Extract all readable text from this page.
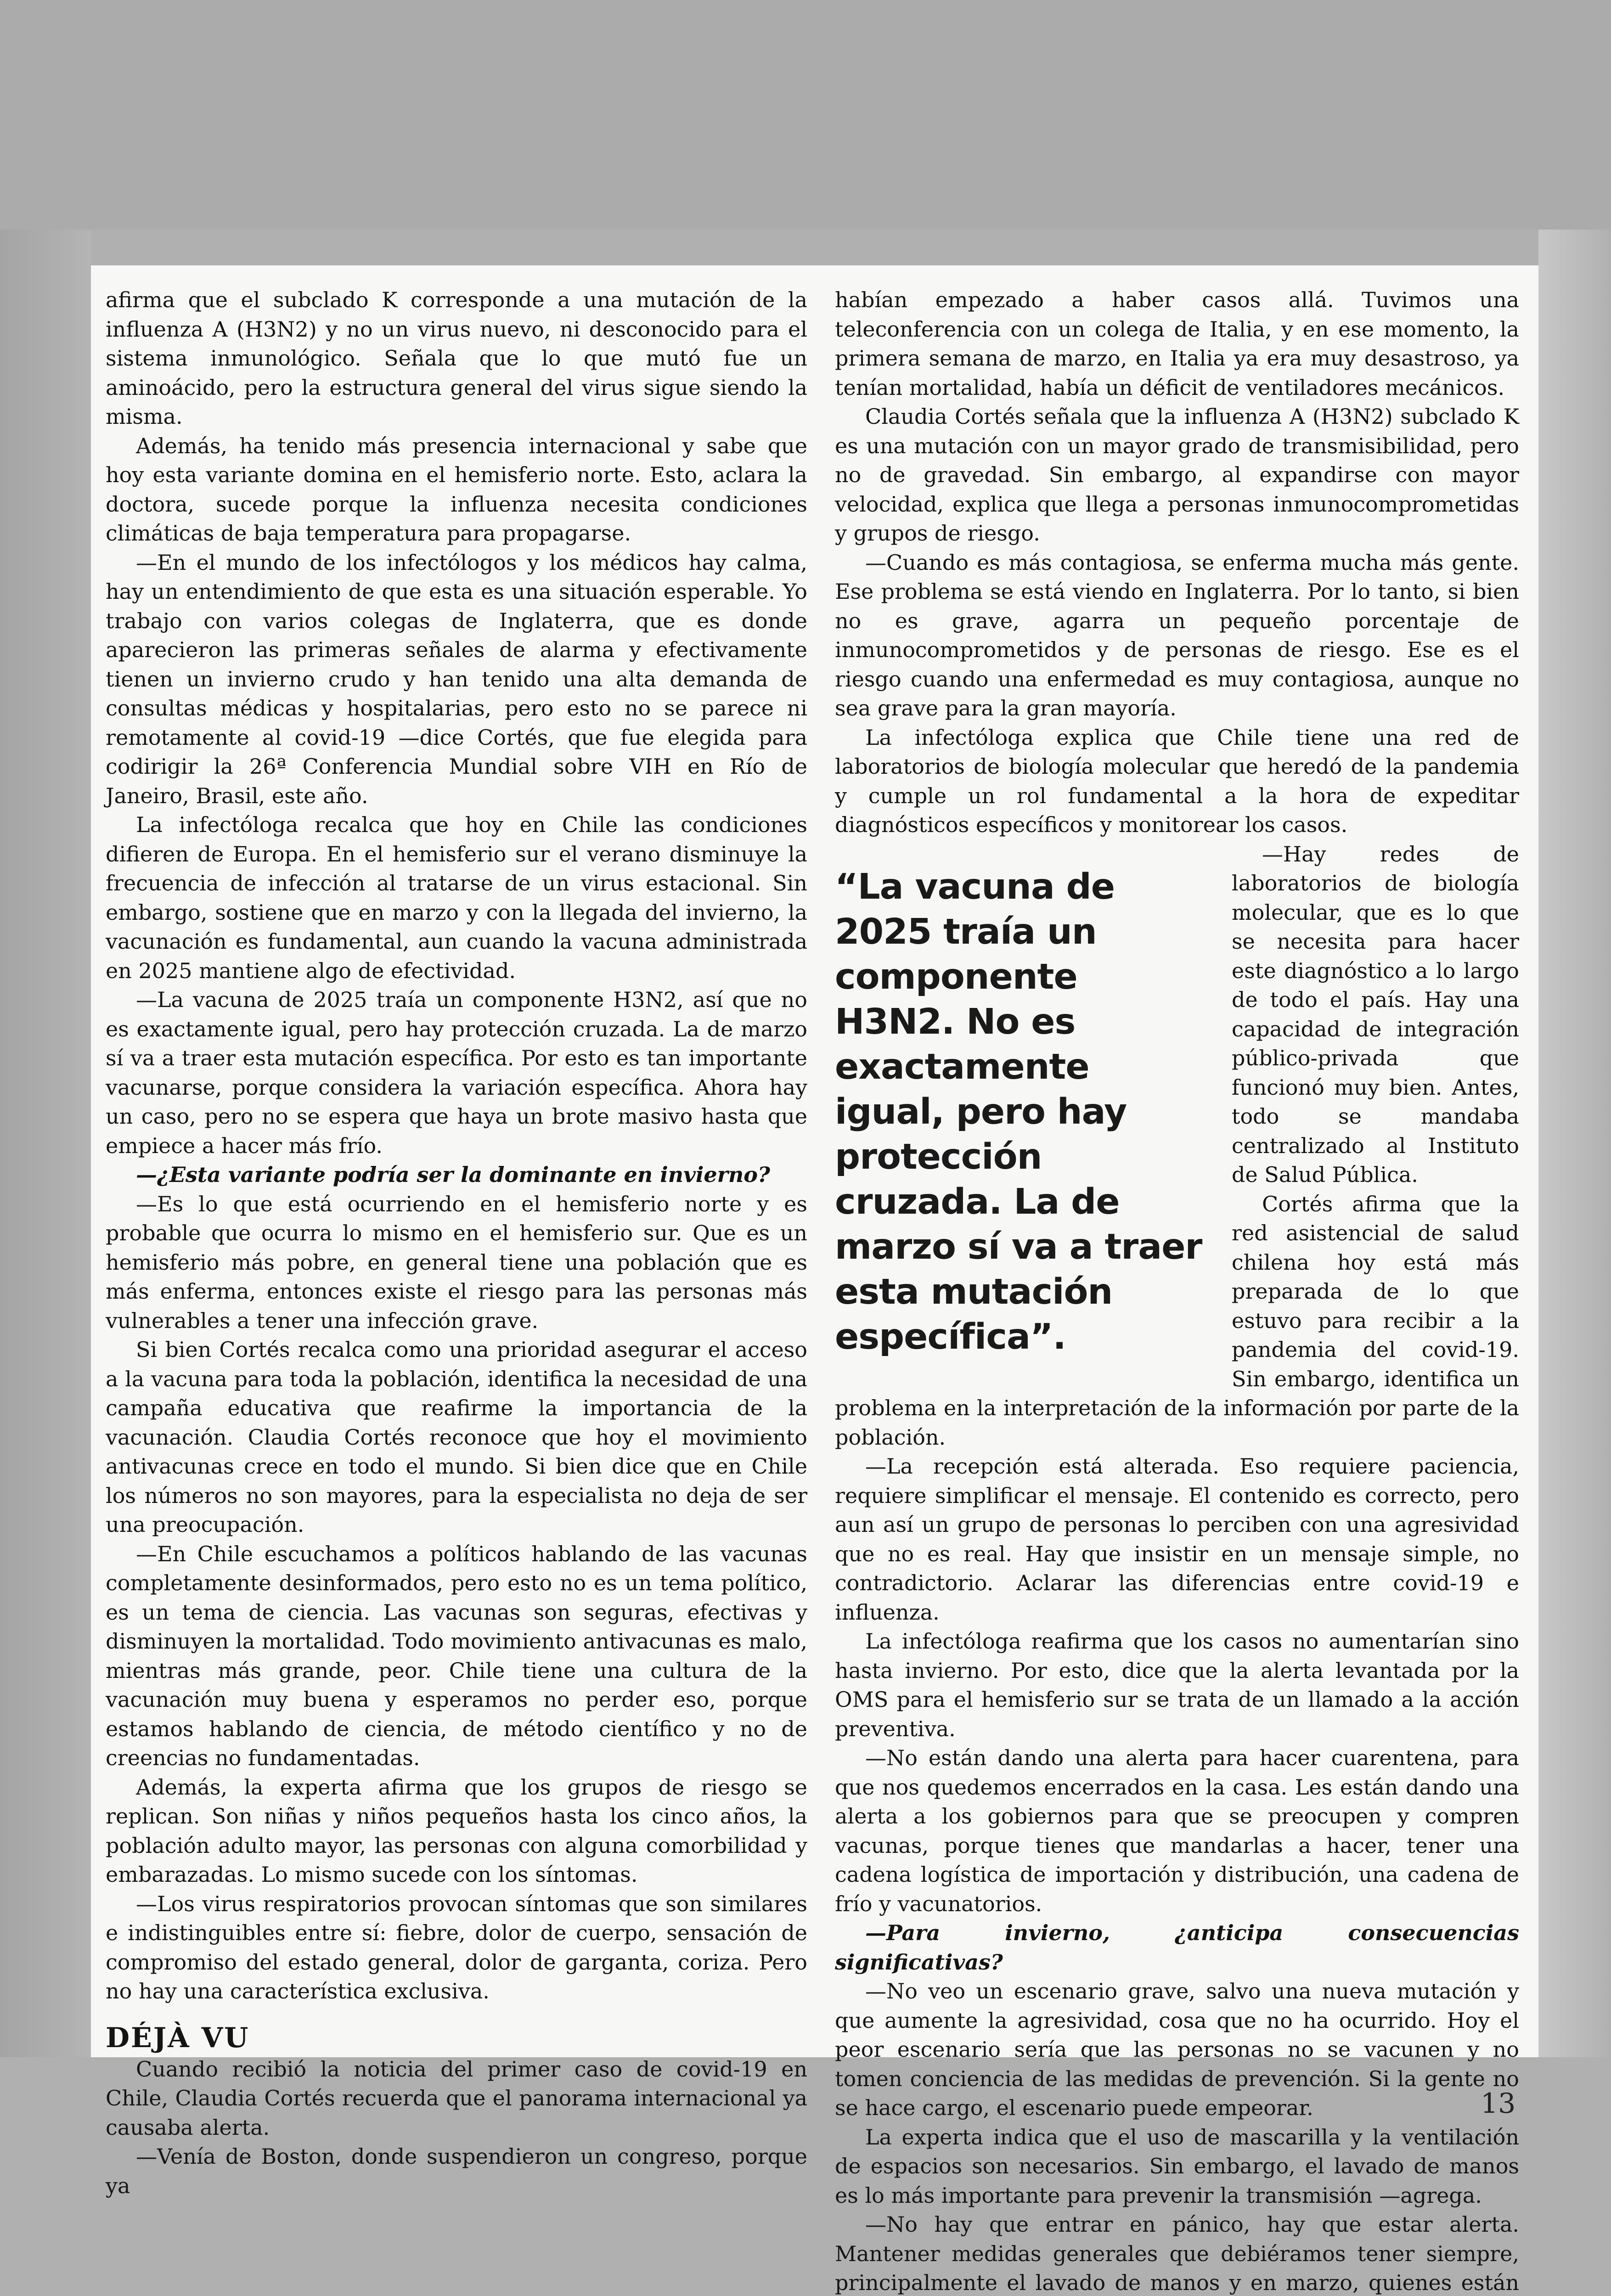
afirma que el subclado K corresponde a una mutación de la influenza A (H3N2) y no un virus nuevo, ni desconocido para el sistema inmunológico. Señala que lo que mutó fue un aminoácido, pero la estructura general del virus sigue siendo la misma.

Además, ha tenido más presencia internacional y sabe que hoy esta variante domina en el hemisferio norte. Esto, aclara la doctora, sucede porque la influenza necesita condiciones climáticas de baja temperatura para propagarse.

—En el mundo de los infectólogos y los médicos hay calma, hay un entendimiento de que esta es una situación esperable. Yo trabajo con varios colegas de Inglaterra, que es donde aparecieron las primeras señales de alarma y efectivamente tienen un invierno crudo y han tenido una alta demanda de consultas médicas y hospitalarias, pero esto no se parece ni remotamente al covid-19 —dice Cortés, que fue elegida para codirigir la 26ª Conferencia Mundial sobre VIH en Río de Janeiro, Brasil, este año.

La infectóloga recalca que hoy en Chile las condiciones difieren de Europa. En el hemisferio sur el verano disminuye la frecuencia de infección al tratarse de un virus estacional. Sin embargo, sostiene que en marzo y con la llegada del invierno, la vacunación es fundamental, aun cuando la vacuna administrada en 2025 mantiene algo de efectividad.

—La vacuna de 2025 traía un componente H3N2, así que no es exactamente igual, pero hay protección cruzada. La de marzo sí va a traer esta mutación específica. Por esto es tan importante vacunarse, porque considera la variación específica. Ahora hay un caso, pero no se espera que haya un brote masivo hasta que empiece a hacer más frío.

—¿Esta variante podría ser la dominante en invierno?

—Es lo que está ocurriendo en el hemisferio norte y es probable que ocurra lo mismo en el hemisferio sur. Que es un hemisferio más pobre, en general tiene una población que es más enferma, entonces existe el riesgo para las personas más vulnerables a tener una infección grave.

Si bien Cortés recalca como una prioridad asegurar el acceso a la vacuna para toda la población, identifica la necesidad de una campaña educativa que reafirme la importancia de la vacunación. Claudia Cortés reconoce que hoy el movimiento antivacunas crece en todo el mundo. Si bien dice que en Chile los números no son mayores, para la especialista no deja de ser una preocupación.

—En Chile escuchamos a políticos hablando de las vacunas completamente desinformados, pero esto no es un tema político, es un tema de ciencia. Las vacunas son seguras, efectivas y disminuyen la mortalidad. Todo movimiento antivacunas es malo, mientras más grande, peor. Chile tiene una cultura de la vacunación muy buena y esperamos no perder eso, porque estamos hablando de ciencia, de método científico y no de creencias no fundamentadas.

Además, la experta afirma que los grupos de riesgo se replican. Son niñas y niños pequeños hasta los cinco años, la población adulto mayor, las personas con alguna comorbilidad y embarazadas. Lo mismo sucede con los síntomas.

—Los virus respiratorios provocan síntomas que son similares e indistinguibles entre sí: fiebre, dolor de cuerpo, sensación de compromiso del estado general, dolor de garganta, coriza. Pero no hay una característica exclusiva.

DÉJÀ VU

Cuando recibió la noticia del primer caso de covid-19 en Chile, Claudia Cortés recuerda que el panorama internacional ya causaba alerta.

—Venía de Boston, donde suspendieron un congreso, porque ya

habían empezado a haber casos allá. Tuvimos una teleconferencia con un colega de Italia, y en ese momento, la primera semana de marzo, en Italia ya era muy desastroso, ya tenían mortalidad, había un déficit de ventiladores mecánicos.

Claudia Cortés señala que la influenza A (H3N2) subclado K es una mutación con un mayor grado de transmisibilidad, pero no de gravedad. Sin embargo, al expandirse con mayor velocidad, explica que llega a personas inmunocomprometidas y grupos de riesgo.

—Cuando es más contagiosa, se enferma mucha más gente. Ese problema se está viendo en Inglaterra. Por lo tanto, si bien no es grave, agarra un pequeño porcentaje de inmunocomprometidos y de personas de riesgo. Ese es el riesgo cuando una enfermedad es muy contagiosa, aunque no sea grave para la gran mayoría.

La infectóloga explica que Chile tiene una red de laboratorios de biología molecular que heredó de la pandemia y cumple un rol fundamental a la hora de expeditar diagnósticos específicos y monitorear los casos.

“La vacuna de 2025 traía un componente H3N2. No es exactamente igual, pero hay protección cruzada. La de marzo sí va a traer esta mutación específica”.

—Hay redes de laboratorios de biología molecular, que es lo que se necesita para hacer este diagnóstico a lo largo de todo el país. Hay una capacidad de integración público-privada que funcionó muy bien. Antes, todo se mandaba centralizado al Instituto de Salud Pública.

Cortés afirma que la red asistencial de salud chilena hoy está más preparada de lo que estuvo para recibir a la pandemia del covid-19. Sin embargo, identifica un problema en la interpretación de la información por parte de la población.

—La recepción está alterada. Eso requiere paciencia, requiere simplificar el mensaje. El contenido es correcto, pero aun así un grupo de personas lo perciben con una agresividad que no es real. Hay que insistir en un mensaje simple, no contradictorio. Aclarar las diferencias entre covid-19 e influenza.

La infectóloga reafirma que los casos no aumentarían sino hasta invierno. Por esto, dice que la alerta levantada por la OMS para el hemisferio sur se trata de un llamado a la acción preventiva.

—No están dando una alerta para hacer cuarentena, para que nos quedemos encerrados en la casa. Les están dando una alerta a los gobiernos para que se preocupen y compren vacunas, porque tienes que mandarlas a hacer, tener una cadena logística de importación y distribución, una cadena de frío y vacunatorios.

—Para invierno, ¿anticipa consecuencias significativas?

—No veo un escenario grave, salvo una nueva mutación y que aumente la agresividad, cosa que no ha ocurrido. Hoy el peor escenario sería que las personas no se vacunen y no tomen conciencia de las medidas de prevención. Si la gente no se hace cargo, el escenario puede empeorar.

La experta indica que el uso de mascarilla y la ventilación de espacios son necesarios. Sin embargo, el lavado de manos es lo más importante para prevenir la transmisión —agrega.

—No hay que entrar en pánico, hay que estar alerta. Mantener medidas generales que debiéramos tener siempre, principalmente el lavado de manos y en marzo, quienes están

13
